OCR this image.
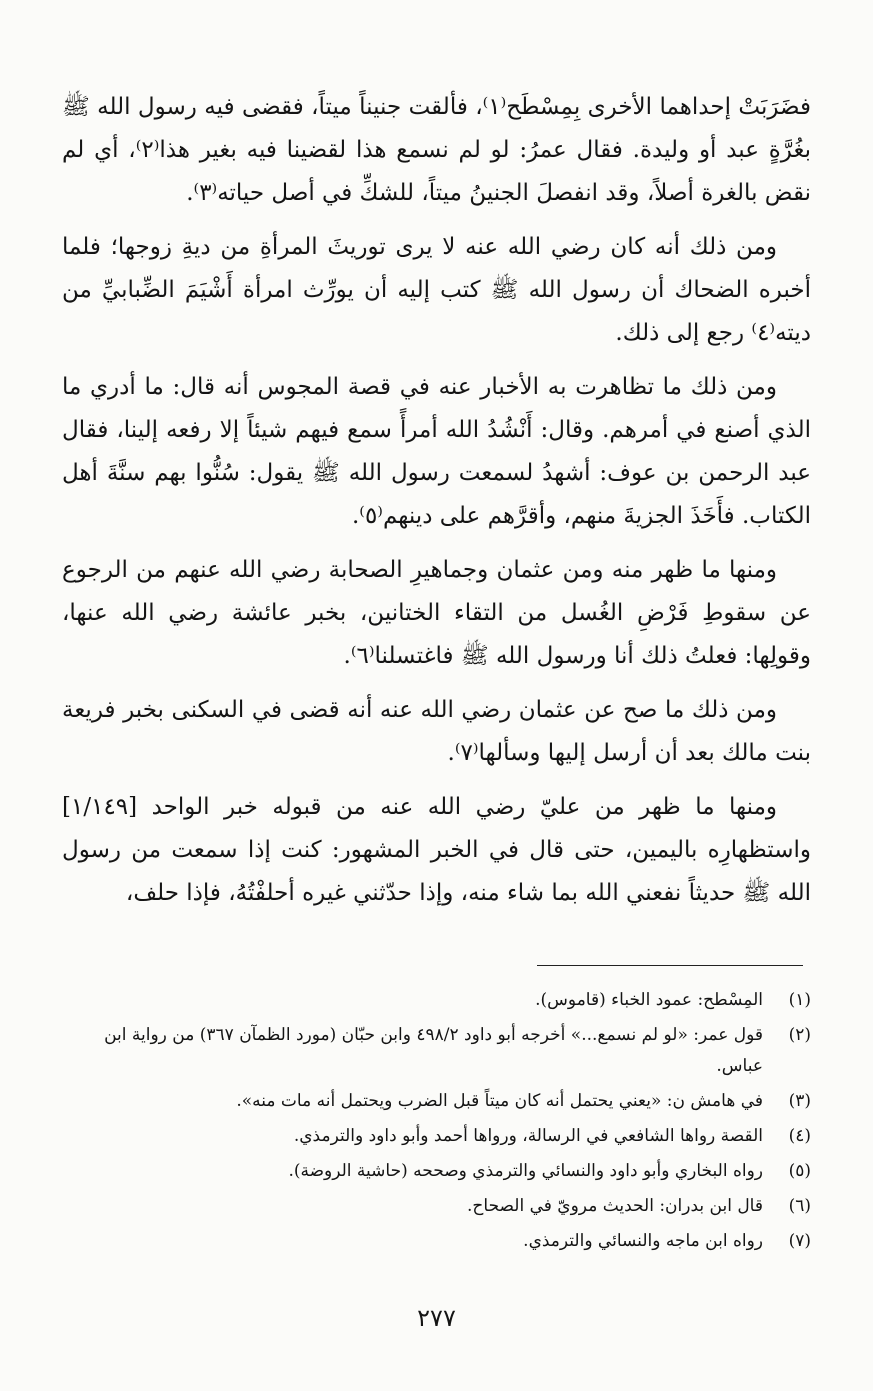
فضَرَبَتْ إحداهما الأخرى بِمِسْطَح⁽١⁾، فألقت جنيناً ميتاً، فقضى فيه رسول الله ﷺ بغُرَّةٍ عبد أو وليدة. فقال عمرُ: لو لم نسمع هذا لقضينا فيه بغير هذا⁽٢⁾، أي لم نقض بالغرة أصلاً، وقد انفصلَ الجنينُ ميتاً، للشكِّ في أصل حياته⁽٣⁾.

ومن ذلك أنه كان رضي الله عنه لا يرى توريثَ المرأةِ من ديةِ زوجها؛ فلما أخبره الضحاك أن رسول الله ﷺ كتب إليه أن يورِّث امرأة أَشْيَمَ الضِّبابيِّ من ديته⁽٤⁾ رجع إلى ذلك.

ومن ذلك ما تظاهرت به الأخبار عنه في قصة المجوس أنه قال: ما أدري ما الذي أصنع في أمرهم. وقال: أَنْشُدُ الله أمرأً سمع فيهم شيئاً إلا رفعه إلينا، فقال عبد الرحمن بن عوف: أشهدُ لسمعت رسول الله ﷺ يقول: سُنُّوا بهم سنَّةَ أهل الكتاب. فأَخَذَ الجزيةَ منهم، وأقرَّهم على دينهم⁽٥⁾.

ومنها ما ظهر منه ومن عثمان وجماهيرِ الصحابة رضي الله عنهم من الرجوع عن سقوطِ فَرْضِ الغُسل من التقاء الختانين، بخبر عائشة رضي الله عنها، وقولِها: فعلتُ ذلك أنا ورسول الله ﷺ فاغتسلنا⁽٦⁾.

ومن ذلك ما صح عن عثمان رضي الله عنه أنه قضى في السكنى بخبر فريعة بنت مالك بعد أن أرسل إليها وسألها⁽٧⁾.

ومنها ما ظهر من عليّ رضي الله عنه من قبوله خبر الواحد [١/١٤٩] واستظهارِه باليمين، حتى قال في الخبر المشهور: كنت إذا سمعت من رسول الله ﷺ حديثاً نفعني الله بما شاء منه، وإذا حدّثني غيره أحلفْتُهُ، فإذا حلف،

(١)
المِسْطح: عمود الخباء (قاموس).
(٢)
قول عمر: «لو لم نسمع...» أخرجه أبو داود ٤٩٨/٢ وابن حبّان (مورد الظمآن ٣٦٧) من رواية ابن عباس.
(٣)
في هامش ن: «يعني يحتمل أنه كان ميتاً قبل الضرب ويحتمل أنه مات منه».
(٤)
القصة رواها الشافعي في الرسالة، ورواها أحمد وأبو داود والترمذي.
(٥)
رواه البخاري وأبو داود والنسائي والترمذي وصححه (حاشية الروضة).
(٦)
قال ابن بدران: الحديث مرويّ في الصحاح.
(٧)
رواه ابن ماجه والنسائي والترمذي.
٢٧٧
